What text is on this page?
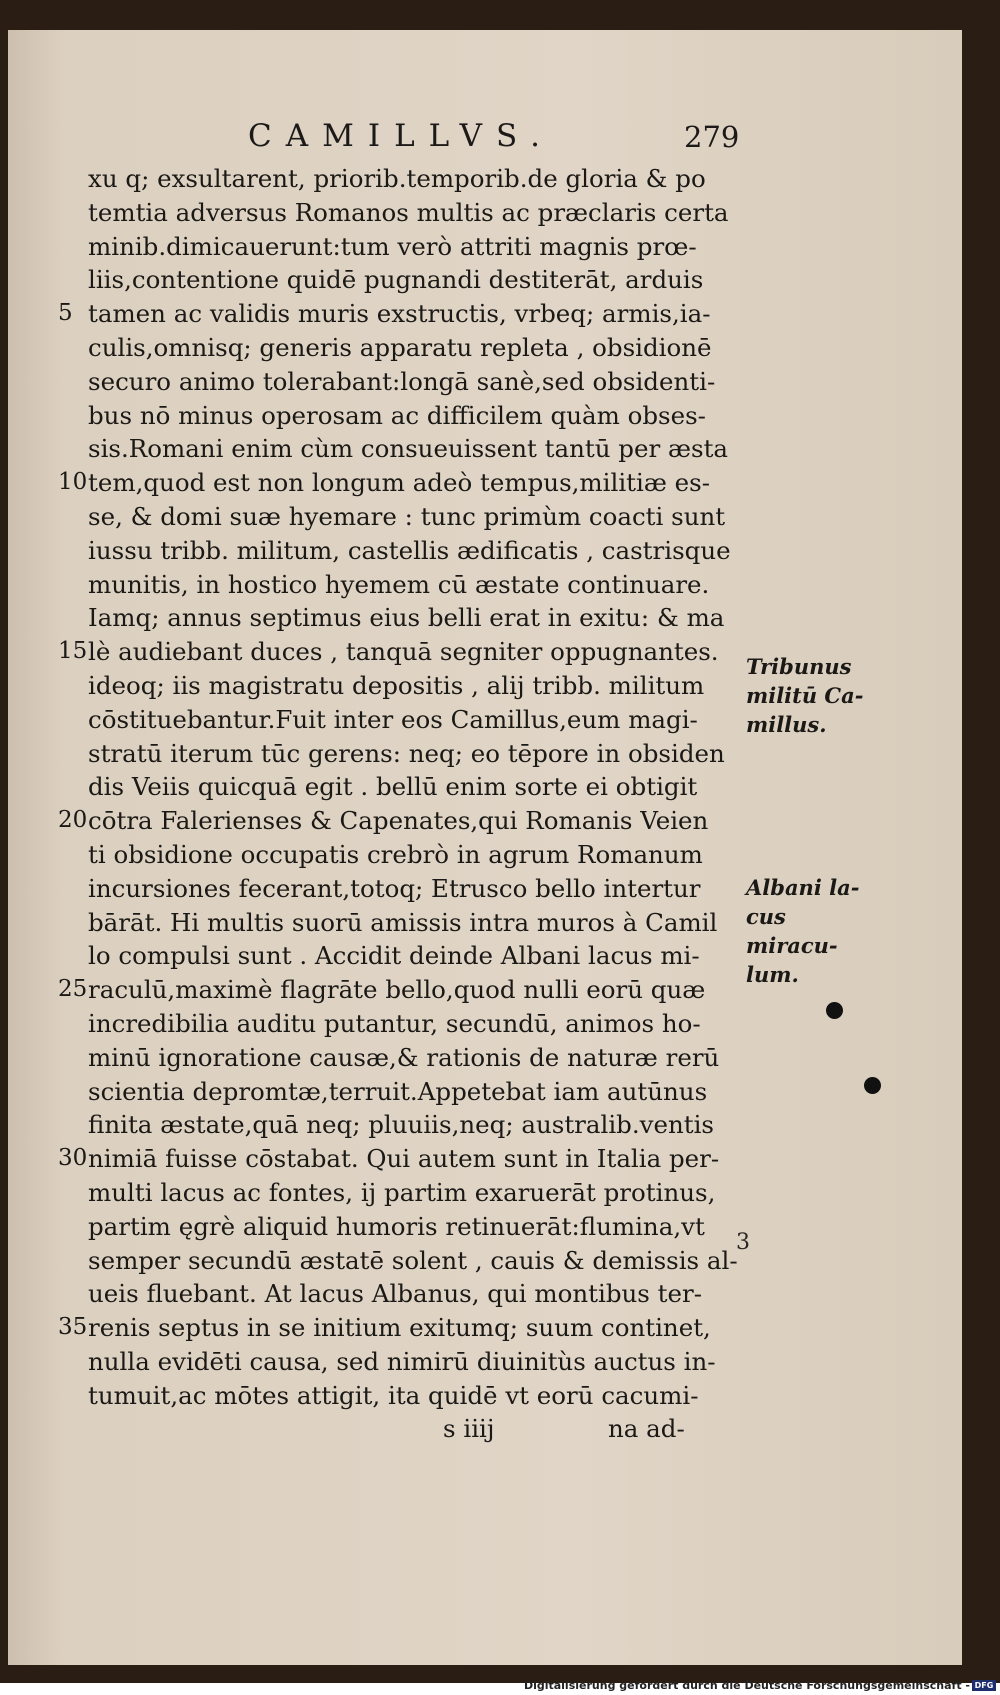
CAMILLVS.	279
xu q; exsultarent, priorib.temporib.de gloria & po
temtia adversus Romanos multis ac præclaris certa
minib.dimicauerunt:tum verò attriti magnis prœ-
liis,contentione quidē pugnandi destiterāt, arduis
5 tamen ac validis muris exstructis, vrbeq; armis,ia-
culis,omnisq; generis apparatu repleta , obsidionē
securo animo tolerabant:longā sanè,sed obsidenti-
bus nō minus operosam ac difficilem quàm obses-
sis.Romani enim cùm consueuissent tantū per æsta
10 tem,quod est non longum adeò tempus,militiæ es-
se, & domi suæ hyemare : tunc primùm coacti sunt
iussu tribb. militum, castellis ædificatis , castrisque
munitis, in hostico hyemem cū æstate continuare.
Iamq; annus septimus eius belli erat in exitu: & ma
15 lè audiebant duces , tanquā segniter oppugnantes.
ideoq; iis magistratu depositis , alij tribb. militum
cōstituebantur.Fuit inter eos Camillus,eum magi-
stratū iterum tūc gerens: neq; eo tēpore in obsiden
dis Veiis quicquā egit . bellū enim sorte ei obtigit
20 cōtra Falerienses & Capenates,qui Romanis Veien
ti obsidione occupatis crebrò in agrum Romanum
incursiones fecerant,totoq; Etrusco bello intertur
bārāt. Hi multis suorū amissis intra muros à Camil
lo compulsi sunt . Accidit deinde Albani lacus mi-
25 raculū,maximè flagrāte bello,quod nulli eorū quæ
incredibilia auditu putantur, secundū, animos ho-
minū ignoratione causæ,& rationis de naturæ rerū
scientia depromtæ,terruit.Appetebat iam autūnus
finita æstate,quā neq; pluuiis,neq; australib.ventis
30 nimiā fuisse cōstabat. Qui autem sunt in Italia per-
multi lacus ac fontes, ij partim exaruerāt protinus,
partim ęgrè aliquid humoris retinuerāt:flumina,vt
semper secundū æstatē solent , cauis & demissis al-
ueis fluebant. At lacus Albanus, qui montibus ter-
35 renis septus in se initium exitumq; suum continet,
nulla evidēti causa, sed nimirū diuinitùs auctus in-
tumuit,ac mōtes attigit, ita quidē vt eorū cacumi-
s iiij	na ad-
Tribunus
militū Ca-
millus.
Albani la-
cus miracu-
lum.
3
Digitalisierung gefördert durch die Deutsche Forschungsgemeinschaft - DFG
